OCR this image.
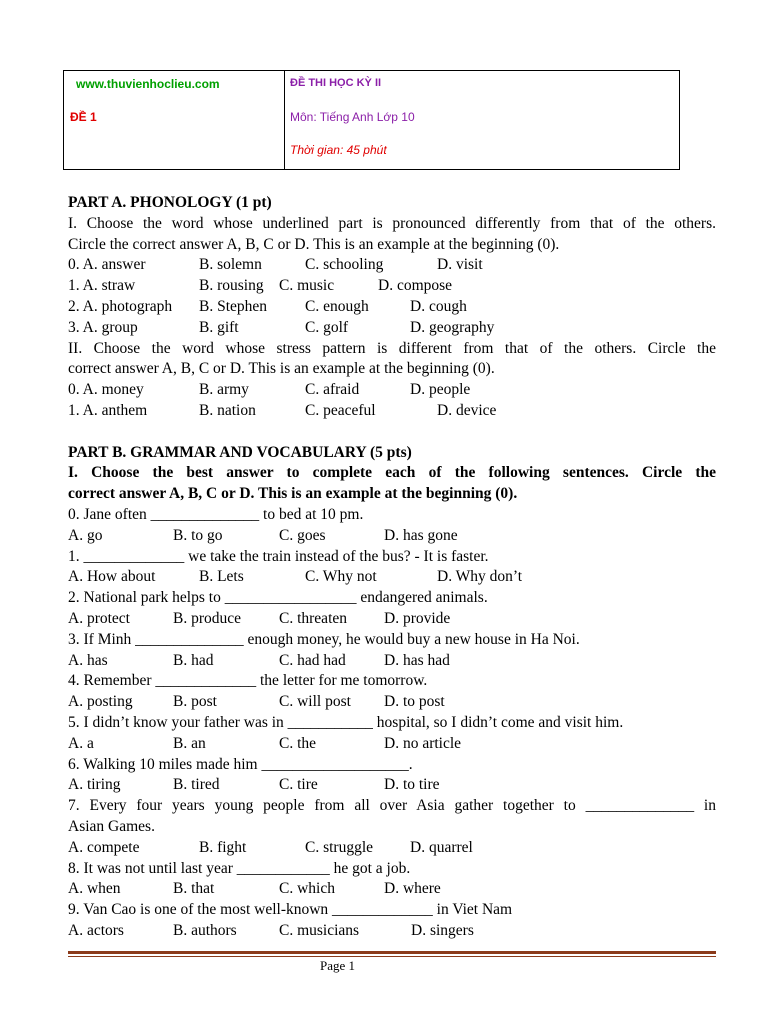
www.thuvienhoclieu.com
ĐỀ 1
ĐỀ THI HỌC KỲ II
Môn: Tiếng Anh Lớp 10
Thời gian: 45 phút
PART A. PHONOLOGY (1 pt)
I. Choose the word whose underlined part is pronounced differently from that of the others.
Circle the correct answer A, B, C or D. This is an example at the beginning (0).
0. A. answer	B. solemn	C. schooling	D. visit
1. A. straw	B. rousing C. music	D. compose
2. A. photograph B. Stephen C. enough	D. cough
3. A. group	B. gift	C. golf	D. geography
II. Choose the word whose stress pattern is different from that of the others. Circle the
correct answer A, B, C or D. This is an example at the beginning (0).
0. A. money	B. army	C. afraid	D. people
1. A. anthem	B. nation	C. peaceful	D. device
PART B. GRAMMAR AND VOCABULARY (5 pts)
I. Choose the best answer to complete each of the following sentences. Circle the
correct answer A, B, C or D. This is an example at the beginning (0).
0. Jane often ______________ to bed at 10 pm.
A. go	B. to go	C. goes	D. has gone
1. _____________ we take the train instead of the bus? - It is faster.
A. How about	B. Lets	C. Why not	D. Why don’t
2. National park helps to _________________ endangered animals.
A. protect	B. produce C. threaten D. provide
3. If Minh ______________ enough money, he would buy a new house in Ha Noi.
A. has	B. had	C. had had D. has had
4. Remember _____________ the letter for me tomorrow.
A. posting	B. post	C. will post D. to post
5. I didn’t know your father was in ___________ hospital, so I didn’t come and visit him.
A. a	B. an	C. the	D. no article
6. Walking 10 miles made him ___________________.
A. tiring	B. tired	C. tire	D. to tire
7. Every four years young people from all over Asia gather together to ______________ in
Asian Games.
A. compete	B. fight	C. struggle D. quarrel
8. It was not until last year ____________ he got a job.
A. when	B. that	C. which	D. where
9. Van Cao is one of the most well-known _____________ in Viet Nam
A. actors	B. authors	C. musicians	D. singers
Page 1
